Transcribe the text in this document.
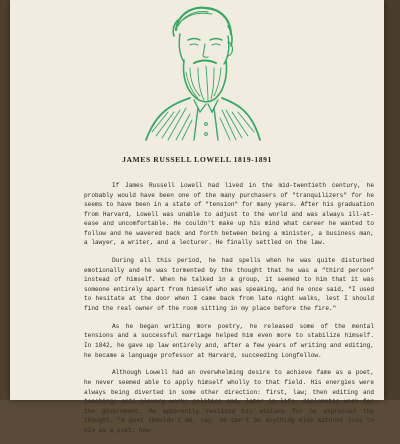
JAMES RUSSELL LOWELL 1819-1891

If James Russell Lowell had lived in the mid-twentieth century, he probably would have been one of the many purchasers of "tranquilizers" for he seems to have been in a state of "tension" for many years. After his graduation from Harvard, Lowell was unable to adjust to the world and was always ill-at-ease and uncomfortable. He couldn't make up his mind what career he wanted to follow and he wavered back and forth between being a minister, a business man, a lawyer, a writer, and a lecturer. He finally settled on the law.

During all this period, he had spells when he was quite disturbed emotionally and he was tormented by the thought that he was a "third person" instead of himself. When he talked in a group, it seemed to him that it was someone entirely apart from himself who was speaking, and he once said, "I used to hesitate at the door when I came back from late night walks, lest I should find the real owner of the room sitting in my place before the fire."

As he began writing more poetry, he released some of the mental tensions and a successful marriage helped him even more to stabilize himself. In 1842, he gave up law entirely and, after a few years of writing and editing, he became a language professor at Harvard, succeeding Longfellow.

Although Lowell had an overwhelming desire to achieve fame as a poet, he never seemed able to apply himself wholly to that field. His energies were always being diverted in some other direction: first, law; then editing and teaching; anti-slavery work; politics and, later in life, diplomatic work for the government. He apparently realized his mistake for he expressed the thought, "A poet shouldn't be, nay, he can't be anything else without loss to him as a poet, how-
